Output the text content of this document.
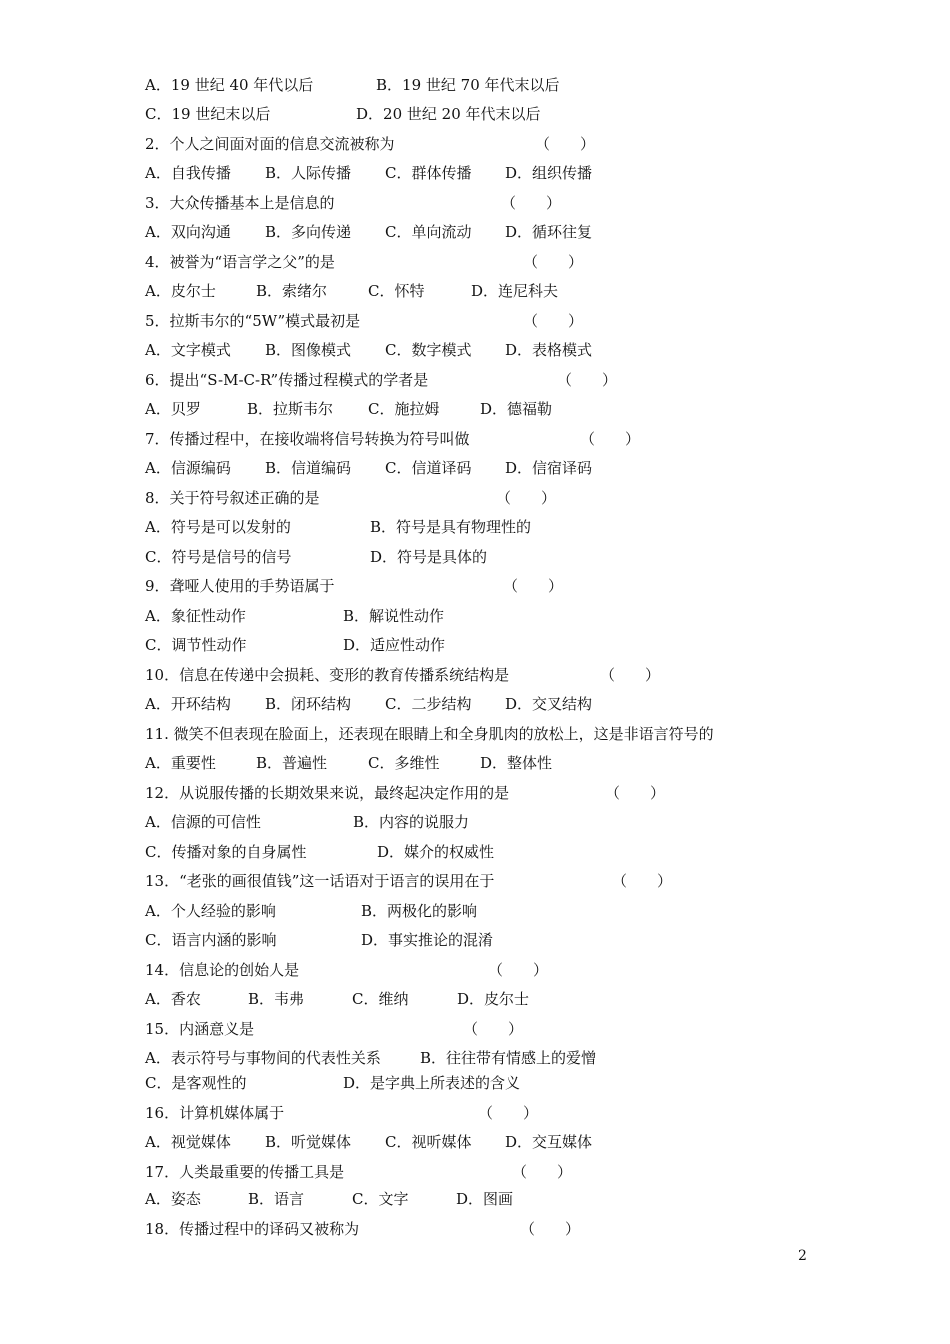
A．19 世纪 40 年代以后	B．19 世纪 70 年代末以后
C．19 世纪末以后	D．20 世纪 20 年代末以后
2．个人之间面对面的信息交流被称为	（　　）
A．自我传播 B．人际传播 C．群体传播 D．组织传播
3．大众传播基本上是信息的	（　　）
A．双向沟通 B．多向传递 C．单向流动 D．循环往复
4．被誉为“语言学之父”的是	（　　）
A．皮尔士	B．索绪尔	C．怀特	D．连尼科夫
5．拉斯韦尔的“5W”模式最初是	（　　）
A．文字模式 B．图像模式 C．数字模式 D．表格模式
6．提出“S-M-C-R”传播过程模式的学者是	（　　）
A．贝罗	B．拉斯韦尔 C．施拉姆	D．德福勒
7．传播过程中，在接收端将信号转换为符号叫做	（　　）
A．信源编码 B．信道编码 C．信道译码 D．信宿译码
8．关于符号叙述正确的是	（　　）
A．符号是可以发射的	B．符号是具有物理性的
C．符号是信号的信号	D．符号是具体的
9．聋哑人使用的手势语属于	（　　）
A．象征性动作	B．解说性动作
C．调节性动作	D．适应性动作
10．信息在传递中会损耗、变形的教育传播系统结构是	（　　）
A．开环结构 B．闭环结构 C．二步结构 D．交叉结构
11. 微笑不但表现在脸面上，还表现在眼睛上和全身肌肉的放松上，这是非语言符号的
A．重要性	B．普遍性	C．多维性	D．整体性
12．从说服传播的长期效果来说，最终起决定作用的是	（　　）
A．信源的可信性	B．内容的说服力
C．传播对象的自身属性	D．媒介的权威性
13．“老张的画很值钱”这一话语对于语言的误用在于	（　　）
A．个人经验的影响	B．两极化的影响
C．语言内涵的影响	D．事实推论的混淆
14．信息论的创始人是	（　　）
A．香农	B．韦弗	C．维纳	D．皮尔士
15．内涵意义是	（　　）
A．表示符号与事物间的代表性关系	B．往往带有情感上的爱憎
C．是客观性的	D．是字典上所表述的含义
16．计算机媒体属于	（　　）
A．视觉媒体 B．听觉媒体 C．视听媒体 D．交互媒体
17．人类最重要的传播工具是	（　　）
A．姿态	B．语言	C．文字	D．图画
18．传播过程中的译码又被称为	（　　）
2
